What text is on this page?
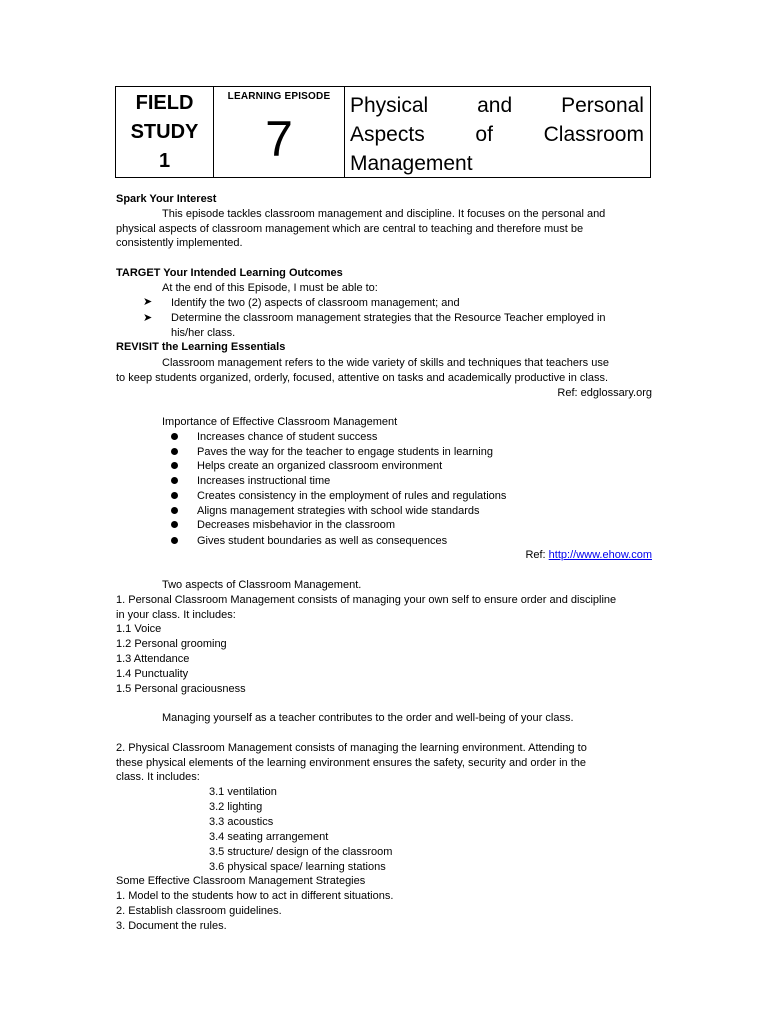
FIELD
STUDY
1
LEARNING EPISODE
7
Physical and Personal
Aspects of Classroom
Management
Spark Your Interest
This episode tackles classroom management and discipline. It focuses on the personal and
physical aspects of classroom management which are central to teaching and therefore must be
consistently implemented.
TARGET Your Intended Learning Outcomes
At the end of this Episode, I must be able to:
➤ Identify the two (2) aspects of classroom management; and
➤ Determine the classroom management strategies that the Resource Teacher employed in
his/her class.
REVISIT the Learning Essentials
Classroom management refers to the wide variety of skills and techniques that teachers use
to keep students organized, orderly, focused, attentive on tasks and academically productive in class.
Ref: edglossary.org
Importance of Effective Classroom Management
Increases chance of student success
Paves the way for the teacher to engage students in learning
Helps create an organized classroom environment
Increases instructional time
Creates consistency in the employment of rules and regulations
Aligns management strategies with school wide standards
Decreases misbehavior in the classroom
Gives student boundaries as well as consequences
Ref: http://www.ehow.com
Two aspects of Classroom Management.
1. Personal Classroom Management consists of managing your own self to ensure order and discipline
in your class. It includes:
1.1 Voice
1.2 Personal grooming
1.3 Attendance
1.4 Punctuality
1.5 Personal graciousness
Managing yourself as a teacher contributes to the order and well-being of your class.
2. Physical Classroom Management consists of managing the learning environment. Attending to
these physical elements of the learning environment ensures the safety, security and order in the
class. It includes:
3.1 ventilation
3.2 lighting
3.3 acoustics
3.4 seating arrangement
3.5 structure/ design of the classroom
3.6 physical space/ learning stations
Some Effective Classroom Management Strategies
1. Model to the students how to act in different situations.
2. Establish classroom guidelines.
3. Document the rules.
